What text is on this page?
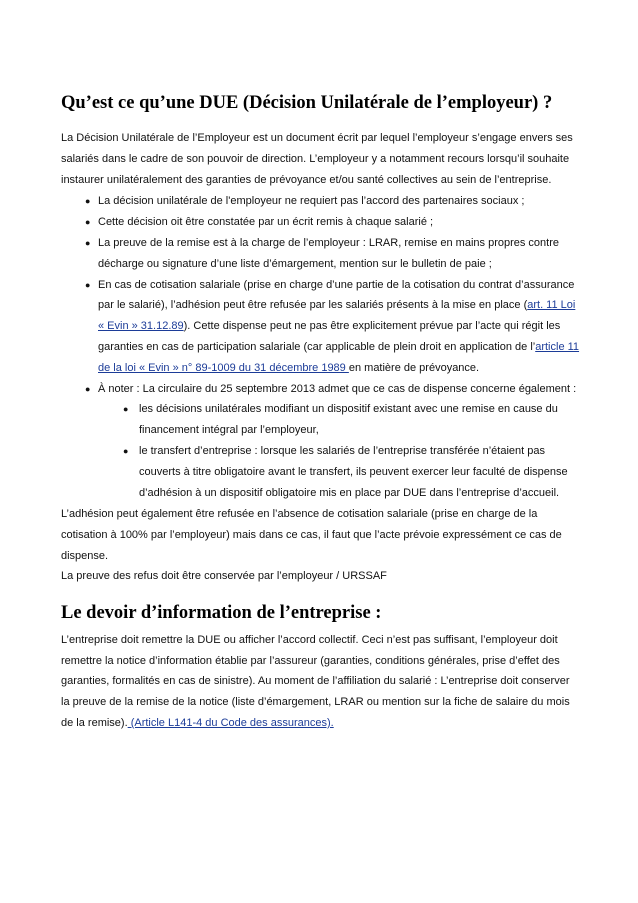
Qu’est ce qu’une DUE (Décision Unilatérale de l’employeur) ?

La Décision Unilatérale de l’Employeur est un document écrit par lequel l’employeur s’engage envers ses salariés dans le cadre de son pouvoir de direction. L’employeur y a notamment recours lorsqu’il souhaite instaurer unilatéralement des garanties de prévoyance et/ou santé collectives au sein de l’entreprise.

● La décision unilatérale de l'employeur ne requiert pas l’accord des partenaires sociaux ;
● Cette décision oit être constatée par un écrit remis à chaque salarié ;
● La preuve de la remise est à la charge de l’employeur : LRAR, remise en mains propres contre décharge ou signature d’une liste d’émargement, mention sur le bulletin de paie ;
● En cas de cotisation salariale (prise en charge d’une partie de la cotisation du contrat d’assurance par le salarié), l’adhésion peut être refusée par les salariés présents à la mise en place (art. 11 Loi « Evin » 31.12.89). Cette dispense peut ne pas être explicitement prévue par l’acte qui régit les garanties en cas de participation salariale (car applicable de plein droit en application de l’article 11 de la loi « Evin » n° 89-1009 du 31 décembre 1989 en matière de prévoyance.
● À noter : La circulaire du 25 septembre 2013 admet que ce cas de dispense concerne également :
● les décisions unilatérales modifiant un dispositif existant avec une remise en cause du financement intégral par l’employeur,
● le transfert d’entreprise : lorsque les salariés de l’entreprise transférée n’étaient pas couverts à titre obligatoire avant le transfert, ils peuvent exercer leur faculté de dispense d’adhésion à un dispositif obligatoire mis en place par DUE dans l’entreprise d’accueil.

L’adhésion peut également être refusée en l’absence de cotisation salariale (prise en charge de la cotisation à 100% par l’employeur) mais dans ce cas, il faut que l’acte prévoie expressément ce cas de dispense.

La preuve des refus doit être conservée par l’employeur / URSSAF

Le devoir d’information de l’entreprise :

L’entreprise doit remettre la DUE ou afficher l’accord collectif. Ceci n’est pas suffisant, l’employeur doit remettre la notice d’information établie par l’assureur (garanties, conditions générales, prise d’effet des garanties, formalités en cas de sinistre). Au moment de l’affiliation du salarié : L’entreprise doit conserver la preuve de la remise de la notice (liste d’émargement, LRAR ou mention sur la fiche de salaire du mois de la remise). (Article L141-4 du Code des assurances).
